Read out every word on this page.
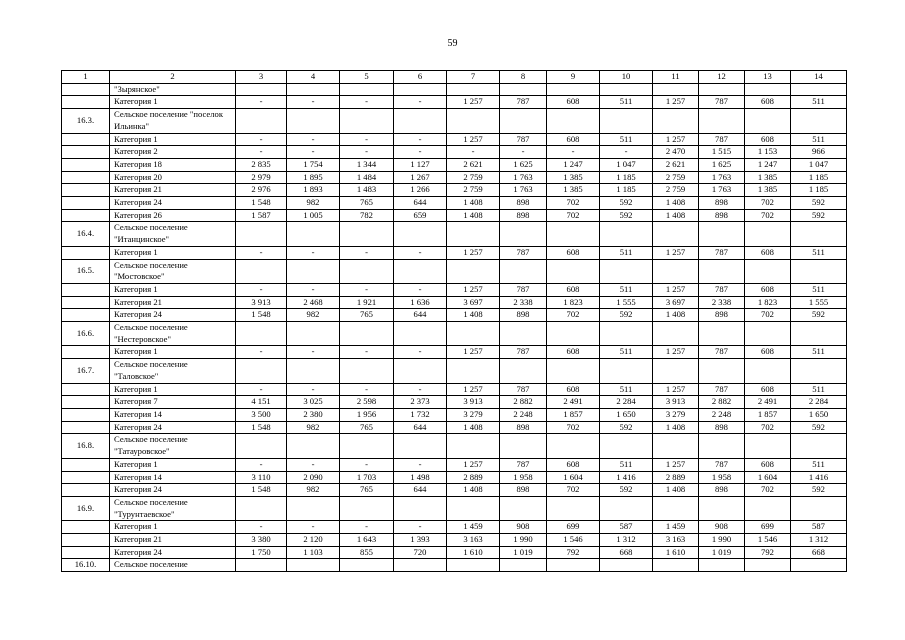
59
1	2	3	4	5	6	7	8	9	10	11	12	13	14
	"Зырянское"												
	Категория 1	-	-	-	-	1 257	787	608	511	1 257	787	608	511
16.3.	Сельское поселение "поселок Ильинка"												
	Категория 1	-	-	-	-	1 257	787	608	511	1 257	787	608	511
	Категория 2	-	-	-	-	-	-	-	-	2 470	1 515	1 153	966
	Категория 18	2 835	1 754	1 344	1 127	2 621	1 625	1 247	1 047	2 621	1 625	1 247	1 047
	Категория 20	2 979	1 895	1 484	1 267	2 759	1 763	1 385	1 185	2 759	1 763	1 385	1 185
	Категория 21	2 976	1 893	1 483	1 266	2 759	1 763	1 385	1 185	2 759	1 763	1 385	1 185
	Категория 24	1 548	982	765	644	1 408	898	702	592	1 408	898	702	592
	Категория 26	1 587	1 005	782	659	1 408	898	702	592	1 408	898	702	592
16.4.	Сельское поселение "Итанцинское"												
	Категория 1	-	-	-	-	1 257	787	608	511	1 257	787	608	511
16.5.	Сельское поселение "Мостовское"												
	Категория 1	-	-	-	-	1 257	787	608	511	1 257	787	608	511
	Категория 21	3 913	2 468	1 921	1 636	3 697	2 338	1 823	1 555	3 697	2 338	1 823	1 555
	Категория 24	1 548	982	765	644	1 408	898	702	592	1 408	898	702	592
16.6.	Сельское поселение "Нестеровское"												
	Категория 1	-	-	-	-	1 257	787	608	511	1 257	787	608	511
16.7.	Сельское поселение "Таловское"												
	Категория 1	-	-	-	-	1 257	787	608	511	1 257	787	608	511
	Категория 7	4 151	3 025	2 598	2 373	3 913	2 882	2 491	2 284	3 913	2 882	2 491	2 284
	Категория 14	3 500	2 380	1 956	1 732	3 279	2 248	1 857	1 650	3 279	2 248	1 857	1 650
	Категория 24	1 548	982	765	644	1 408	898	702	592	1 408	898	702	592
16.8.	Сельское поселение "Татауровское"												
	Категория 1	-	-	-	-	1 257	787	608	511	1 257	787	608	511
	Категория 14	3 110	2 090	1 703	1 498	2 889	1 958	1 604	1 416	2 889	1 958	1 604	1 416
	Категория 24	1 548	982	765	644	1 408	898	702	592	1 408	898	702	592
16.9.	Сельское поселение "Турунтаевское"												
	Категория 1	-	-	-	-	1 459	908	699	587	1 459	908	699	587
	Категория 21	3 380	2 120	1 643	1 393	3 163	1 990	1 546	1 312	3 163	1 990	1 546	1 312
	Категория 24	1 750	1 103	855	720	1 610	1 019	792	668	1 610	1 019	792	668
16.10.	Сельское поселение												
